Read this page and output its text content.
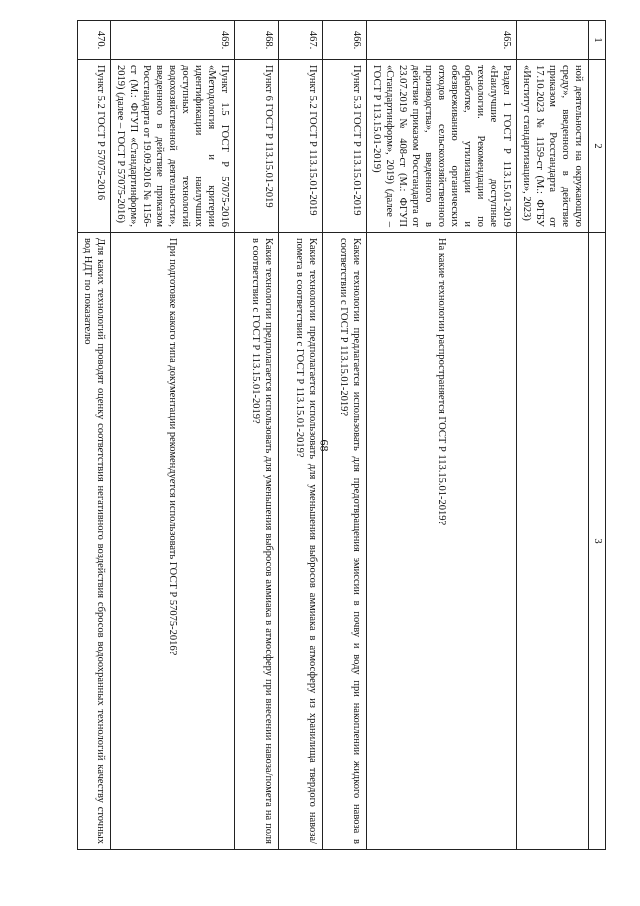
68
1	2	3
	ной деятельности на окружающую среду», введенного в действие приказом Росстандарта от 17.10.2023 № 1159-ст (М.: ФГБУ «Институт стандартизации», 2023)	
465.	Раздел 1 ГОСТ Р 113.15.01-2019 «Наилучшие доступные технологии. Рекомендации по обработке, утилизации и обезвреживанию органических отходов сельскохозяйственного производства», введенного в действие приказом Росстандарта от 23.07.2019 № 408-ст (М.: ФГУП «Стандартинформ», 2019) (далее – ГОСТ Р 113.15.01-2019)	На какие технологии распространяется ГОСТ Р 113.15.01-2019?
466.	Пункт 5.3 ГОСТ Р 113.15.01-2019	Какие технологии предлагается использовать для предотвращения эмиссии в почву и воду при накоплении жидкого навоза в соответствии с ГОСТ Р 113.15.01-2019?
467.	Пункт 5.2 ГОСТ Р 113.15.01-2019	Какие технологии предполагается использовать для уменьшения выбросов аммиака в атмосферу из хранилища твердого навоза/помета в соответствии с ГОСТ Р 113.15.01-2019?
468.	Пункт 6 ГОСТ Р 113.15.01-2019	Какие технологии предполагается использовать для уменьшения выбросов аммиака в атмосферу при внесении навоза/помета на поля в соответствии с ГОСТ Р 113.15.01-2019?
469.	Пункт 1.5 ГОСТ Р 57075-2016 «Методология и критерии идентификации наилучших доступных технологий водохозяйственной деятельности», введенного в действие приказом Росстандарта от 19.09.2016 № 1156-ст (М.: ФГУП «Стандартинформ», 2019) (далее – ГОСТ Р 57075-2016)	При подготовке какого типа документации рекомендуется использовать ГОСТ Р 57075-2016?
470.	Пункт 5.2 ГОСТ Р 57075-2016	Для каких технологий проводят оценку соответствия негативного воздействия сбросов водоохранных технологий качеству сточных вод НДТ по показателю
